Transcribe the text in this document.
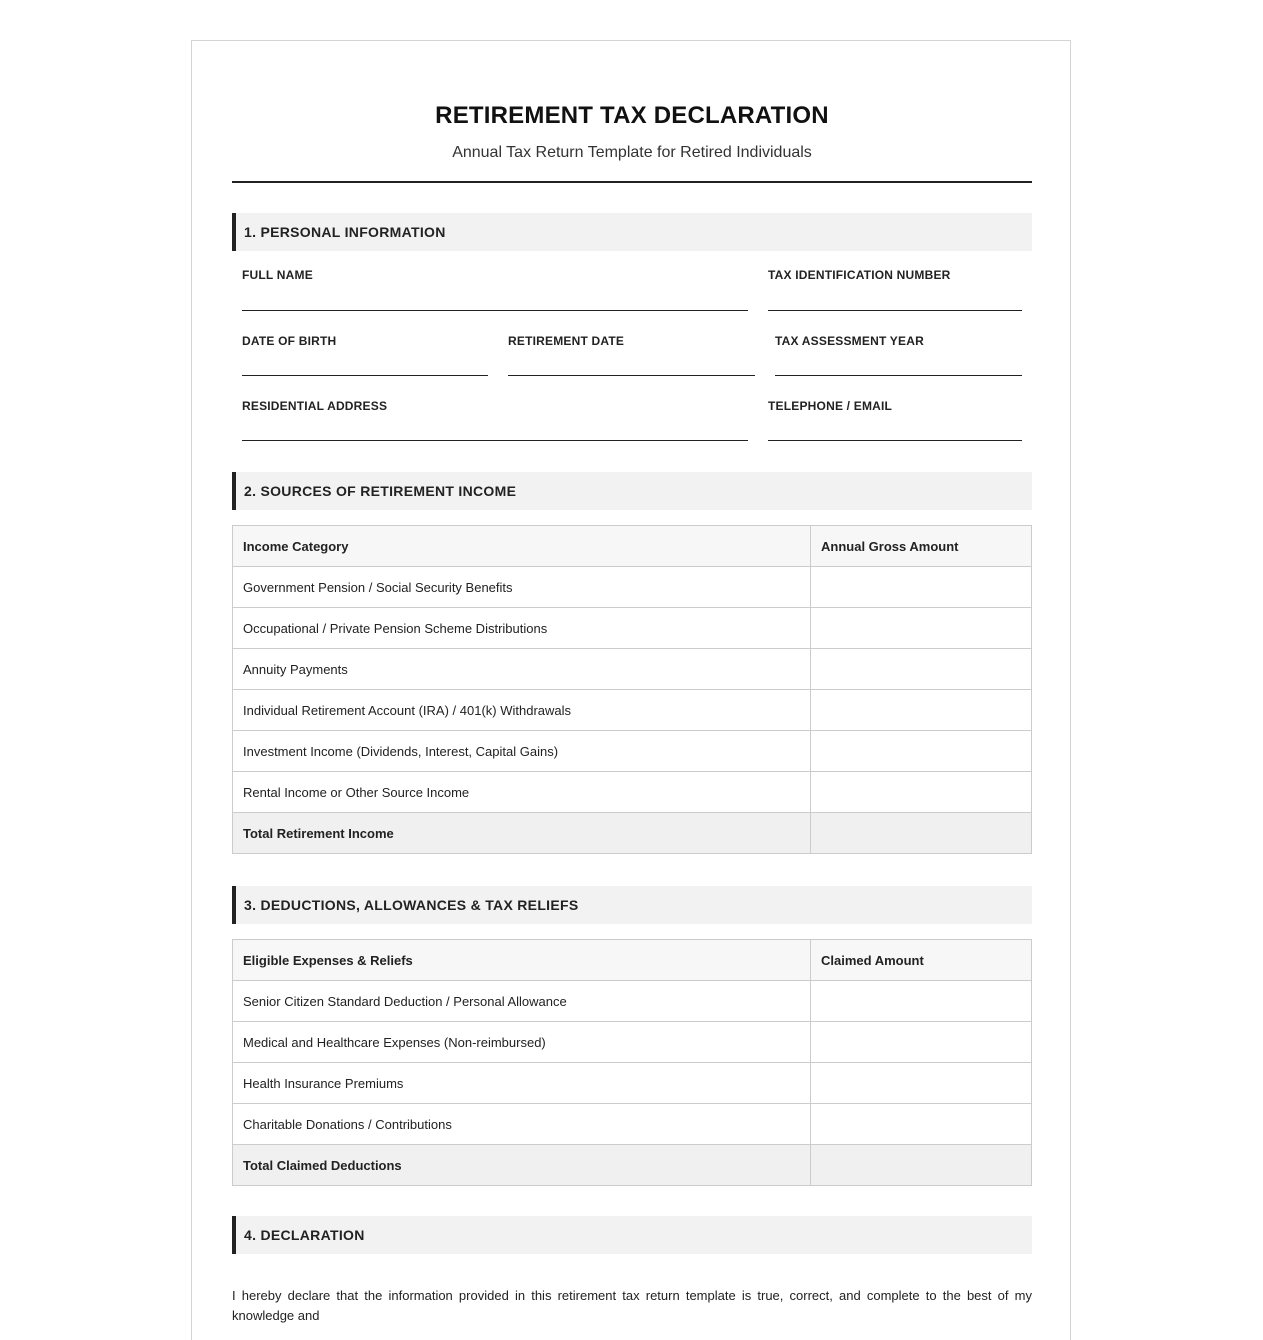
RETIREMENT TAX DECLARATION
Annual Tax Return Template for Retired Individuals
1. PERSONAL INFORMATION
FULL NAME	TAX IDENTIFICATION NUMBER
DATE OF BIRTH	RETIREMENT DATE	TAX ASSESSMENT YEAR
RESIDENTIAL ADDRESS	TELEPHONE / EMAIL
2. SOURCES OF RETIREMENT INCOME
Income Category	Annual Gross Amount
Government Pension / Social Security Benefits	
Occupational / Private Pension Scheme Distributions	
Annuity Payments	
Individual Retirement Account (IRA) / 401(k) Withdrawals	
Investment Income (Dividends, Interest, Capital Gains)	
Rental Income or Other Source Income	
Total Retirement Income	
3. DEDUCTIONS, ALLOWANCES & TAX RELIEFS
Eligible Expenses & Reliefs	Claimed Amount
Senior Citizen Standard Deduction / Personal Allowance	
Medical and Healthcare Expenses (Non-reimbursed)	
Health Insurance Premiums	
Charitable Donations / Contributions	
Total Claimed Deductions	
4. DECLARATION
I hereby declare that the information provided in this retirement tax return template is true, correct, and complete to the best of my knowledge and
